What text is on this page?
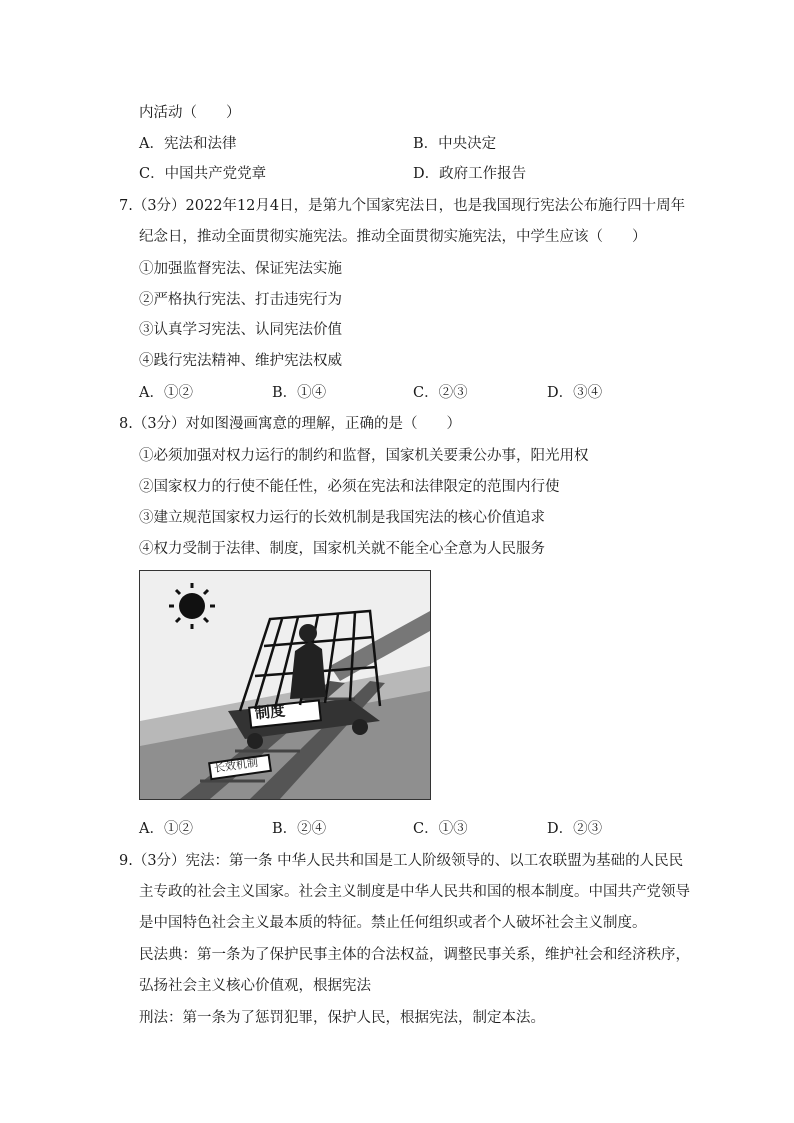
内活动（　　）
A．宪法和法律	B．中央决定
C．中国共产党党章	D．政府工作报告
7.（3分）2022年12月4日，是第九个国家宪法日，也是我国现行宪法公布施行四十周年
纪念日，推动全面贯彻实施宪法。推动全面贯彻实施宪法，中学生应该（　　）
①加强监督宪法、保证宪法实施
②严格执行宪法、打击违宪行为
③认真学习宪法、认同宪法价值
④践行宪法精神、维护宪法权威
A．①②	B．①④	C．②③	D．③④
8.（3分）对如图漫画寓意的理解，正确的是（　　）
①必须加强对权力运行的制约和监督，国家机关要秉公办事，阳光用权
②国家权力的行使不能任性，必须在宪法和法律限定的范围内行使
③建立规范国家权力运行的长效机制是我国宪法的核心价值追求
④权力受制于法律、制度，国家机关就不能全心全意为人民服务
制度
长效机制
A．①②	B．②④	C．①③	D．②③
9.（3分）宪法：第一条 中华人民共和国是工人阶级领导的、以工农联盟为基础的人民民
主专政的社会主义国家。社会主义制度是中华人民共和国的根本制度。中国共产党领导
是中国特色社会主义最本质的特征。禁止任何组织或者个人破坏社会主义制度。
民法典：第一条为了保护民事主体的合法权益，调整民事关系，维护社会和经济秩序，
弘扬社会主义核心价值观，根据宪法
刑法：第一条为了惩罚犯罪，保护人民，根据宪法，制定本法。
